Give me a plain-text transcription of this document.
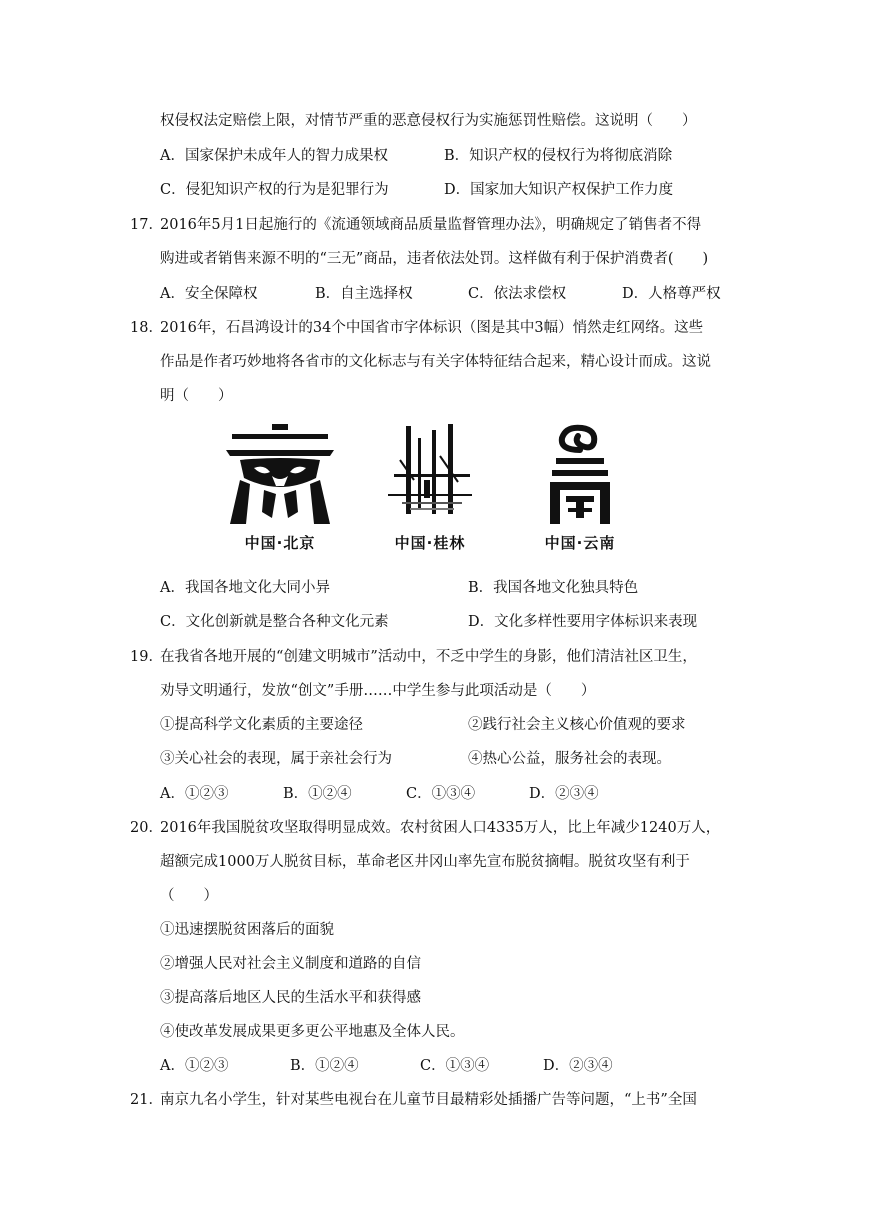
权侵权法定赔偿上限，对情节严重的恶意侵权行为实施惩罚性赔偿。这说明（　　）
A．国家保护未成年人的智力成果权	B．知识产权的侵权行为将彻底消除
C．侵犯知识产权的行为是犯罪行为	D．国家加大知识产权保护工作力度
17．
2016年5月1日起施行的《流通领域商品质量监督管理办法》，明确规定了销售者不得
购进或者销售来源不明的“三无”商品，违者依法处罚。这样做有利于保护消费者(　　)
A．安全保障权	B．自主选择权	C．依法求偿权	D．人格尊严权
18．
2016年，石昌鸿设计的34个中国省市字体标识（图是其中3幅）悄然走红网络。这些
作品是作者巧妙地将各省市的文化标志与有关字体特征结合起来，精心设计而成。这说
明（　　）
中国·北京	中国·桂林	中国·云南
A．我国各地文化大同小异	B．我国各地文化独具特色
C．文化创新就是整合各种文化元素	D．文化多样性要用字体标识来表现
19．
在我省各地开展的“创建文明城市”活动中，不乏中学生的身影，他们清洁社区卫生，
劝导文明通行，发放“创文”手册……中学生参与此项活动是（　　）
①提高科学文化素质的主要途径	②践行社会主义核心价值观的要求
③关心社会的表现，属于亲社会行为	④热心公益，服务社会的表现。
A．①②③	B．①②④	C．①③④	D．②③④
20．
2016年我国脱贫攻坚取得明显成效。农村贫困人口4335万人，比上年减少1240万人，
超额完成1000万人脱贫目标，革命老区井冈山率先宣布脱贫摘帽。脱贫攻坚有利于
（　　）
①迅速摆脱贫困落后的面貌
②增强人民对社会主义制度和道路的自信
③提高落后地区人民的生活水平和获得感
④使改革发展成果更多更公平地惠及全体人民。
A．①②③	B．①②④	C．①③④	D．②③④
21．
南京九名小学生，针对某些电视台在儿童节目最精彩处插播广告等问题，“上书”全国
